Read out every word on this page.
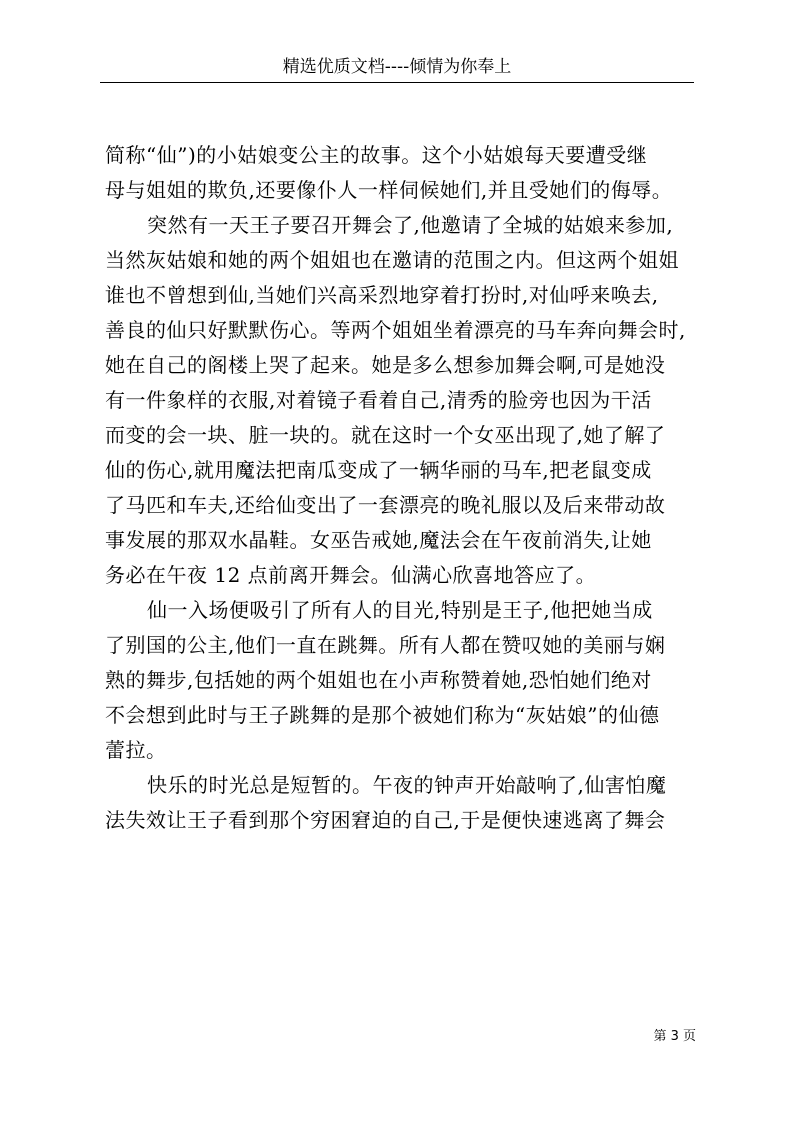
精选优质文档----倾情为你奉上
简称“仙”)的小姑娘变公主的故事。这个小姑娘每天要遭受继
母与姐姐的欺负,还要像仆人一样伺候她们,并且受她们的侮辱。
突然有一天王子要召开舞会了,他邀请了全城的姑娘来参加,
当然灰姑娘和她的两个姐姐也在邀请的范围之内。但这两个姐姐
谁也不曾想到仙,当她们兴高采烈地穿着打扮时,对仙呼来唤去,
善良的仙只好默默伤心。等两个姐姐坐着漂亮的马车奔向舞会时,
她在自己的阁楼上哭了起来。她是多么想参加舞会啊,可是她没
有一件象样的衣服,对着镜子看着自己,清秀的脸旁也因为干活
而变的会一块、脏一块的。就在这时一个女巫出现了,她了解了
仙的伤心,就用魔法把南瓜变成了一辆华丽的马车,把老鼠变成
了马匹和车夫,还给仙变出了一套漂亮的晚礼服以及后来带动故
事发展的那双水晶鞋。女巫告戒她,魔法会在午夜前消失,让她
务必在午夜 12 点前离开舞会。仙满心欣喜地答应了。
仙一入场便吸引了所有人的目光,特别是王子,他把她当成
了别国的公主,他们一直在跳舞。所有人都在赞叹她的美丽与娴
熟的舞步,包括她的两个姐姐也在小声称赞着她,恐怕她们绝对
不会想到此时与王子跳舞的是那个被她们称为“灰姑娘”的仙德
蕾拉。
快乐的时光总是短暂的。午夜的钟声开始敲响了,仙害怕魔
法失效让王子看到那个穷困窘迫的自己,于是便快速逃离了舞会
第 3 页
